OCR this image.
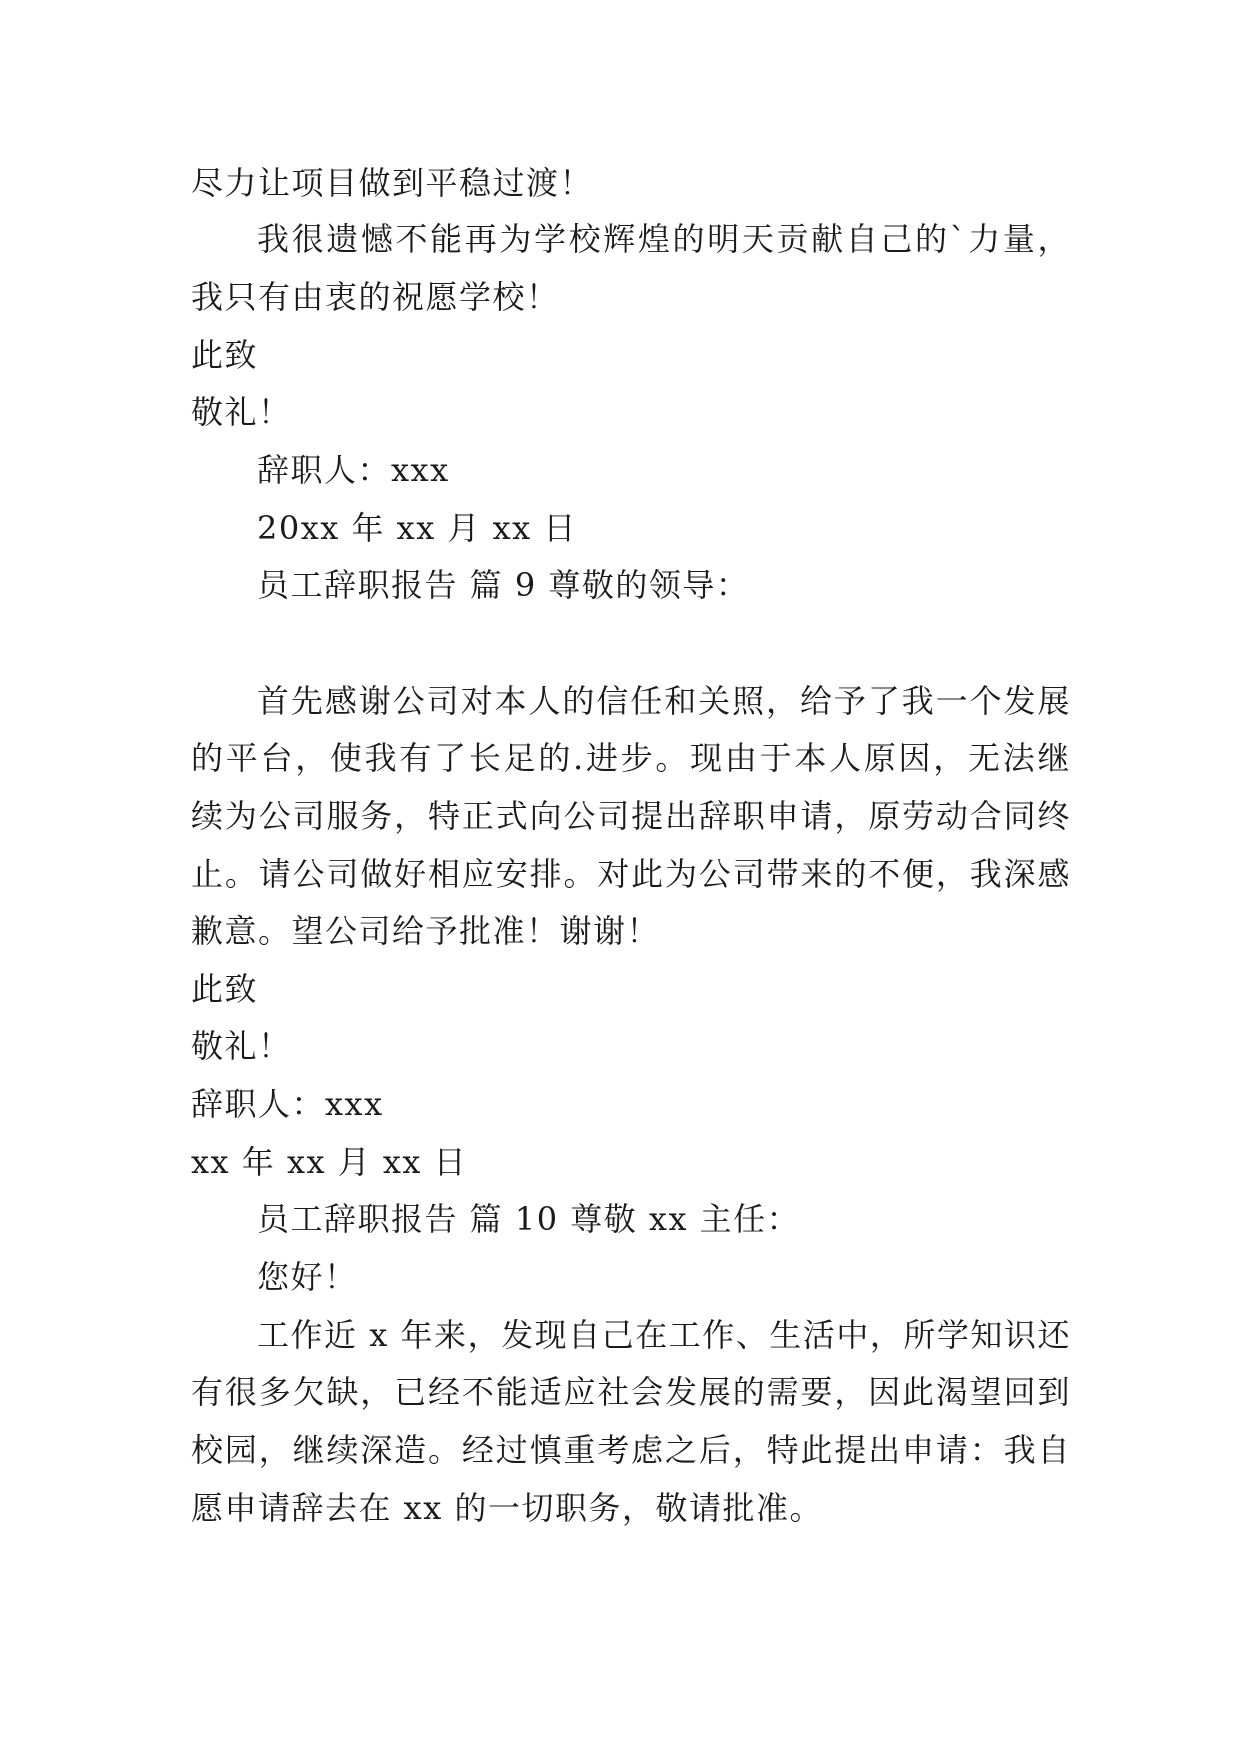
尽力让项目做到平稳过渡！
我很遗憾不能再为学校辉煌的明天贡献自己的`力量，
我只有由衷的祝愿学校！
此致
敬礼！
辞职人：xxx
20xx 年 xx 月 xx 日
员工辞职报告 篇 9 尊敬的领导：
首先感谢公司对本人的信任和关照，给予了我一个发展
的平台，使我有了长足的.进步。现由于本人原因，无法继
续为公司服务，特正式向公司提出辞职申请，原劳动合同终
止。请公司做好相应安排。对此为公司带来的不便，我深感
歉意。望公司给予批准！谢谢！
此致
敬礼！
辞职人：xxx
xx 年 xx 月 xx 日
员工辞职报告 篇 10 尊敬 xx 主任：
您好！
工作近 x 年来，发现自己在工作、生活中，所学知识还
有很多欠缺，已经不能适应社会发展的需要，因此渴望回到
校园，继续深造。经过慎重考虑之后，特此提出申请：我自
愿申请辞去在 xx 的一切职务，敬请批准。
